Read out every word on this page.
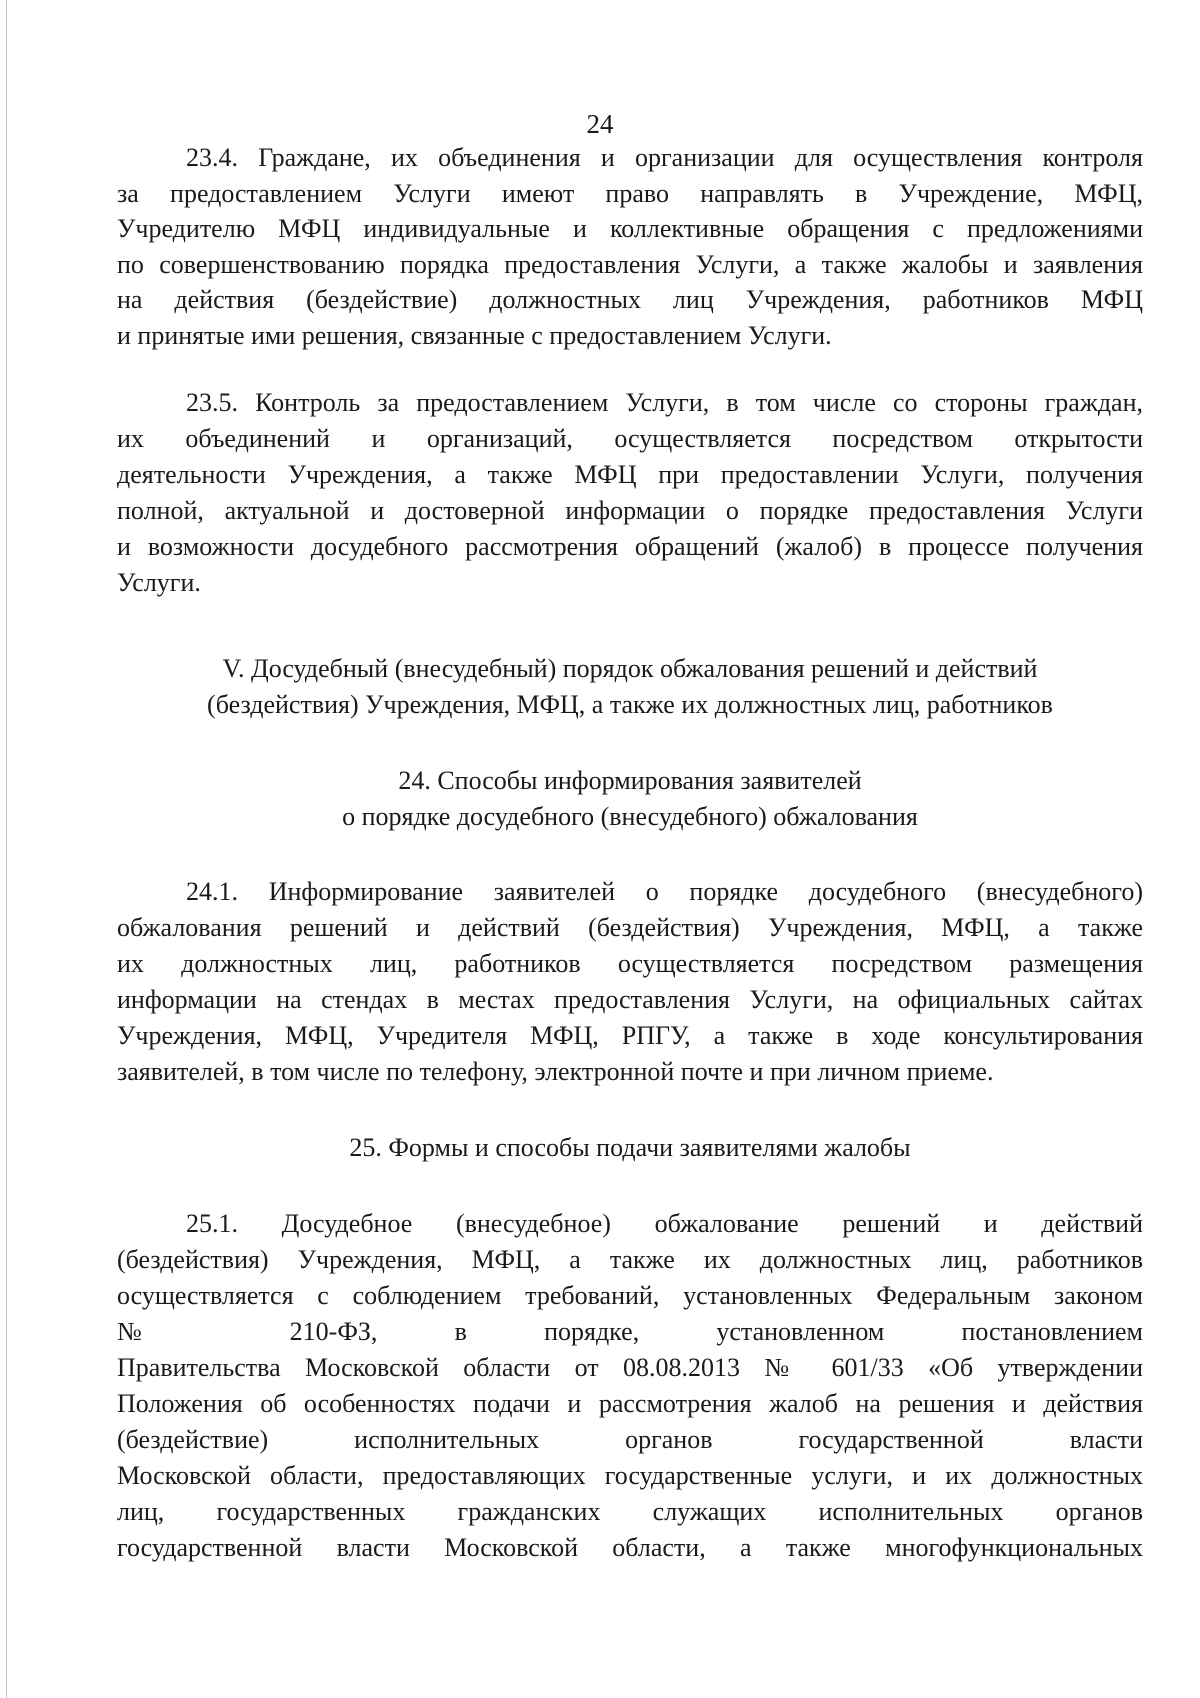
24
23.4. Граждане, их объединения и организации для осуществления контроля
за предоставлением Услуги имеют право направлять в Учреждение, МФЦ,
Учредителю МФЦ индивидуальные и коллективные обращения с предложениями
по совершенствованию порядка предоставления Услуги, а также жалобы и заявления
на действия (бездействие) должностных лиц Учреждения, работников МФЦ
и принятые ими решения, связанные с предоставлением Услуги.
23.5. Контроль за предоставлением Услуги, в том числе со стороны граждан,
их объединений и организаций, осуществляется посредством открытости
деятельности Учреждения, а также МФЦ при предоставлении Услуги, получения
полной, актуальной и достоверной информации о порядке предоставления Услуги
и возможности досудебного рассмотрения обращений (жалоб) в процессе получения
Услуги.
V. Досудебный (внесудебный) порядок обжалования решений и действий
(бездействия) Учреждения, МФЦ, а также их должностных лиц, работников
24. Способы информирования заявителей
о порядке досудебного (внесудебного) обжалования
24.1. Информирование заявителей о порядке досудебного (внесудебного)
обжалования решений и действий (бездействия) Учреждения, МФЦ, а также
их должностных лиц, работников осуществляется посредством размещения
информации на стендах в местах предоставления Услуги, на официальных сайтах
Учреждения, МФЦ, Учредителя МФЦ, РПГУ, а также в ходе консультирования
заявителей, в том числе по телефону, электронной почте и при личном приеме.
25. Формы и способы подачи заявителями жалобы
25.1. Досудебное (внесудебное) обжалование решений и действий
(бездействия) Учреждения, МФЦ, а также их должностных лиц, работников
осуществляется с соблюдением требований, установленных Федеральным законом
№ 210-ФЗ, в порядке, установленном постановлением
Правительства Московской области от 08.08.2013 № 601/33 «Об утверждении
Положения об особенностях подачи и рассмотрения жалоб на решения и действия
(бездействие) исполнительных органов государственной власти
Московской области, предоставляющих государственные услуги, и их должностных
лиц, государственных гражданских служащих исполнительных органов
государственной власти Московской области, а также многофункциональных
